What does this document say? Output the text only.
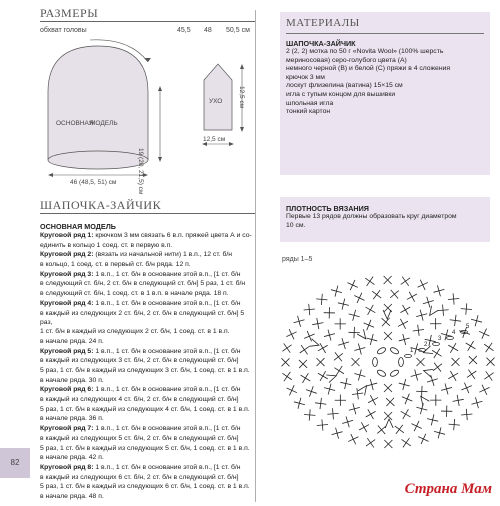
РАЗМЕРЫ
обхват головы	45,5 48 50,5 см
ОСНОВНАЯ
МОДЕЛЬ
19 (20, 21,5) см
46 (48,5, 51) см
УХО 12,5 см
12,5 см
ШАПОЧКА-ЗАЙЧИК
ОСНОВНАЯ МОДЕЛЬ

Круговой ряд 1: крючком 3 мм связать 6 в.п. пряжей цвета А и со-

единить в кольцо 1 соед. ст. в первую в.п.

Круговой ряд 2: (вязать из начальной нити) 1 в.п., 12 ст. б/н

в кольцо, 1 соед. ст. в первый ст. б/н ряда. 12 п.

Круговой ряд 3: 1 в.п., 1 ст. б/н в основание этой в.п., [1 ст. б/н

в следующий ст. б/н, 2 ст. б/н в следующий ст. б/н] 5 раз, 1 ст. б/н

в следующий ст. б/н, 1 соед. ст. в 1 в.п. в начале ряда. 18 п.

Круговой ряд 4: 1 в.п., 1 ст. б/н в основание этой в.п., [1 ст. б/н

в каждый из следующих 2 ст. б/н, 2 ст. б/н в следующий ст. б/н] 5 раз,

1 ст. б/н в каждый из следующих 2 ст. б/н, 1 соед. ст. в 1 в.п.

в начале ряда. 24 п.

Круговой ряд 5: 1 в.п., 1 ст. б/н в основание этой в.п., [1 ст. б/н

в каждый из следующих 3 ст. б/н, 2 ст. б/н в следующий ст. б/н]

5 раз, 1 ст. б/н в каждый из следующих 3 ст. б/н, 1 соед. ст. в 1 в.п.

в начале ряда. 30 п.

Круговой ряд 6: 1 в.п., 1 ст. б/н в основание этой в.п., [1 ст. б/н

в каждый из следующих 4 ст. б/н, 2 ст. б/н в следующий ст. б/н]

5 раз, 1 ст. б/н в каждый из следующих 4 ст. б/н, 1 соед. ст. в 1 в.п.

в начале ряда. 36 п.

Круговой ряд 7: 1 в.п., 1 ст. б/н в основание этой в.п., [1 ст. б/н

в каждый из следующих 5 ст. б/н, 2 ст. б/н в следующий ст. б/н]

5 раз, 1 ст. б/н в каждый из следующих 5 ст. б/н, 1 соед. ст. в 1 в.п.

в начале ряда. 42 п.

Круговой ряд 8: 1 в.п., 1 ст. б/н в основание этой в.п., [1 ст. б/н

в каждый из следующих 6 ст. б/н, 2 ст. б/н в следующий ст. б/н]

5 раз, 1 ст. б/н в каждый из следующих 6 ст. б/н, 1 соед. ст. в 1 в.п.

в начале ряда. 48 п.

МАТЕРИАЛЫ
ШАПОЧКА-ЗАЙЧИК
2 (2, 2) мотка по 50 г «Novita Wool» (100% шерсть
мериносовая) серо-голубого цвета (А)
немного черной (В) и белой (С) пряжи в 4 сложения
крючок 3 мм
лоскут флизелина (ватина) 15×15 см
игла с тупым концом для вышивки
шпольная игла
тонкий картон
ПЛОТНОСТЬ ВЯЗАНИЯ
Первые 13 рядов должны образовать круг диаметром
10 см.
ряды 1–5
1
2
3
4
5
82
Страна Мам
